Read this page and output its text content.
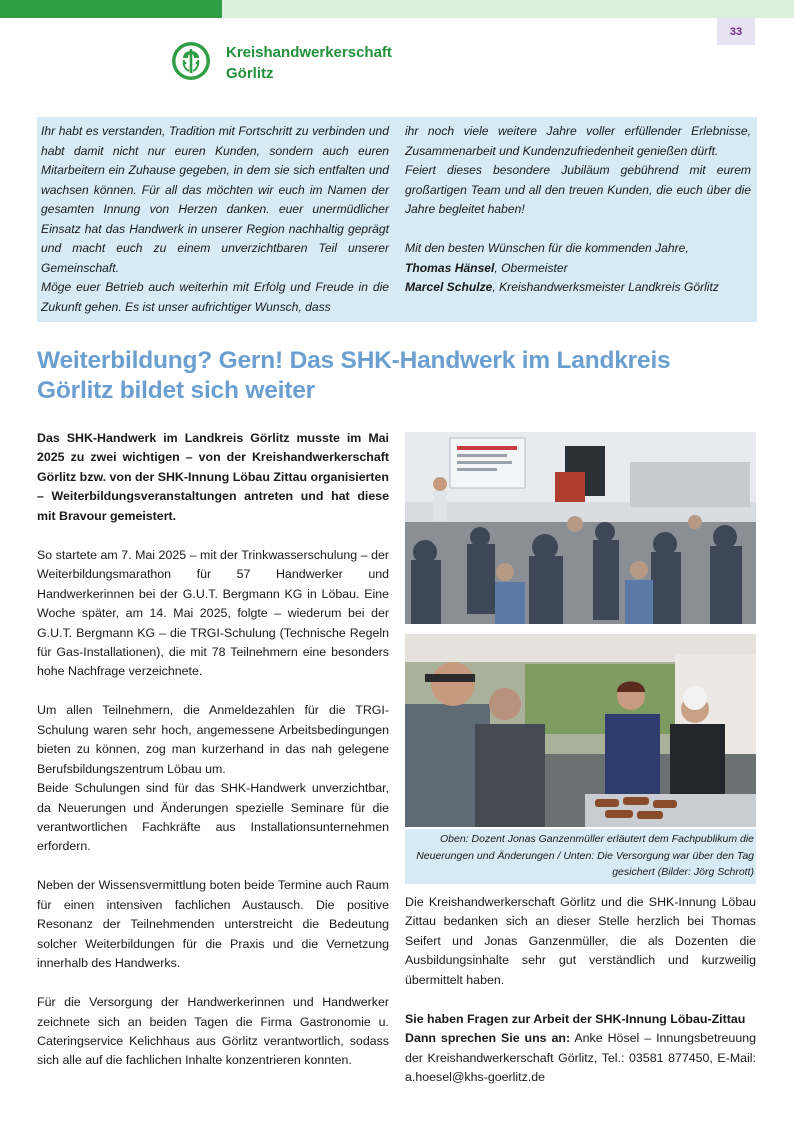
33
Kreishandwerkerschaft
Görlitz

Ihr habt es verstanden, Tradition mit Fortschritt zu verbinden und habt damit nicht nur euren Kunden, sondern auch euren Mitarbeitern ein Zuhause gegeben, in dem sie sich entfalten und wachsen können. Für all das möchten wir euch im Namen der gesamten Innung von Herzen danken. euer unermüdlicher Einsatz hat das Handwerk in unserer Region nachhaltig geprägt und macht euch zu einem unverzichtbaren Teil unserer Gemeinschaft.

Möge euer Betrieb auch weiterhin mit Erfolg und Freude in die Zukunft gehen. Es ist unser aufrichtiger Wunsch, dass

ihr noch viele weitere Jahre voller erfüllender Erlebnisse, Zusammenarbeit und Kundenzufriedenheit genießen dürft.

Feiert dieses besondere Jubiläum gebührend mit eurem großartigen Team und all den treuen Kunden, die euch über die Jahre begleitet haben!

Mit den besten Wünschen für die kommenden Jahre,

Thomas Hänsel, Obermeister

Marcel Schulze, Kreishandwerksmeister Landkreis Görlitz

Weiterbildung? Gern! Das SHK-Handwerk im Landkreis
Görlitz bildet sich weiter

Das SHK-Handwerk im Landkreis Görlitz musste im Mai 2025 zu zwei wichtigen – von der Kreishandwerkerschaft Görlitz bzw. von der SHK-Innung Löbau Zittau organisierten – Weiterbildungsveranstaltungen antreten und hat diese mit Bravour gemeistert.

So startete am 7. Mai 2025 – mit der Trinkwasserschulung – der Weiterbildungsmarathon für 57 Handwerker und Handwerkerinnen bei der G.U.T. Bergmann KG in Löbau. Eine Woche später, am 14. Mai 2025, folgte – wiederum bei der G.U.T. Bergmann KG – die TRGI-Schulung (Technische Regeln für Gas-Installationen), die mit 78 Teilnehmern eine besonders hohe Nachfrage verzeichnete.

Um allen Teilnehmern, die Anmeldezahlen für die TRGI-Schulung waren sehr hoch, angemessene Arbeitsbedingungen bieten zu können, zog man kurzerhand in das nah gelegene Berufsbildungszentrum Löbau um.

Beide Schulungen sind für das SHK-Handwerk unverzichtbar, da Neuerungen und Änderungen spezielle Seminare für die verantwortlichen Fachkräfte aus Installationsunternehmen erfordern.

Neben der Wissensvermittlung boten beide Termine auch Raum für einen intensiven fachlichen Austausch. Die positive Resonanz der Teilnehmenden unterstreicht die Bedeutung solcher Weiterbildungen für die Praxis und die Vernetzung innerhalb des Handwerks.

Für die Versorgung der Handwerkerinnen und Handwerker zeichnete sich an beiden Tagen die Firma Gastronomie u. Cateringservice Kelichhaus aus Görlitz verantwortlich, sodass sich alle auf die fachlichen Inhalte konzentrieren konnten.

Oben: Dozent Jonas Ganzenmüller erläutert dem Fachpublikum die Neuerungen und Änderungen / Unten: Die Versorgung war über den Tag gesichert (Bilder: Jörg Schrott)

Die Kreishandwerkerschaft Görlitz und die SHK-Innung Löbau Zittau bedanken sich an dieser Stelle herzlich bei Thomas Seifert und Jonas Ganzenmüller, die als Dozenten die Ausbildungsinhalte sehr gut verständlich und kurzweilig übermittelt haben.

Sie haben Fragen zur Arbeit der SHK-Innung Löbau-Zittau

Dann sprechen Sie uns an: Anke Hösel – Innungsbetreuung der Kreishandwerkerschaft Görlitz, Tel.: 03581 877450, E-Mail: a.hoesel@khs-goerlitz.de
